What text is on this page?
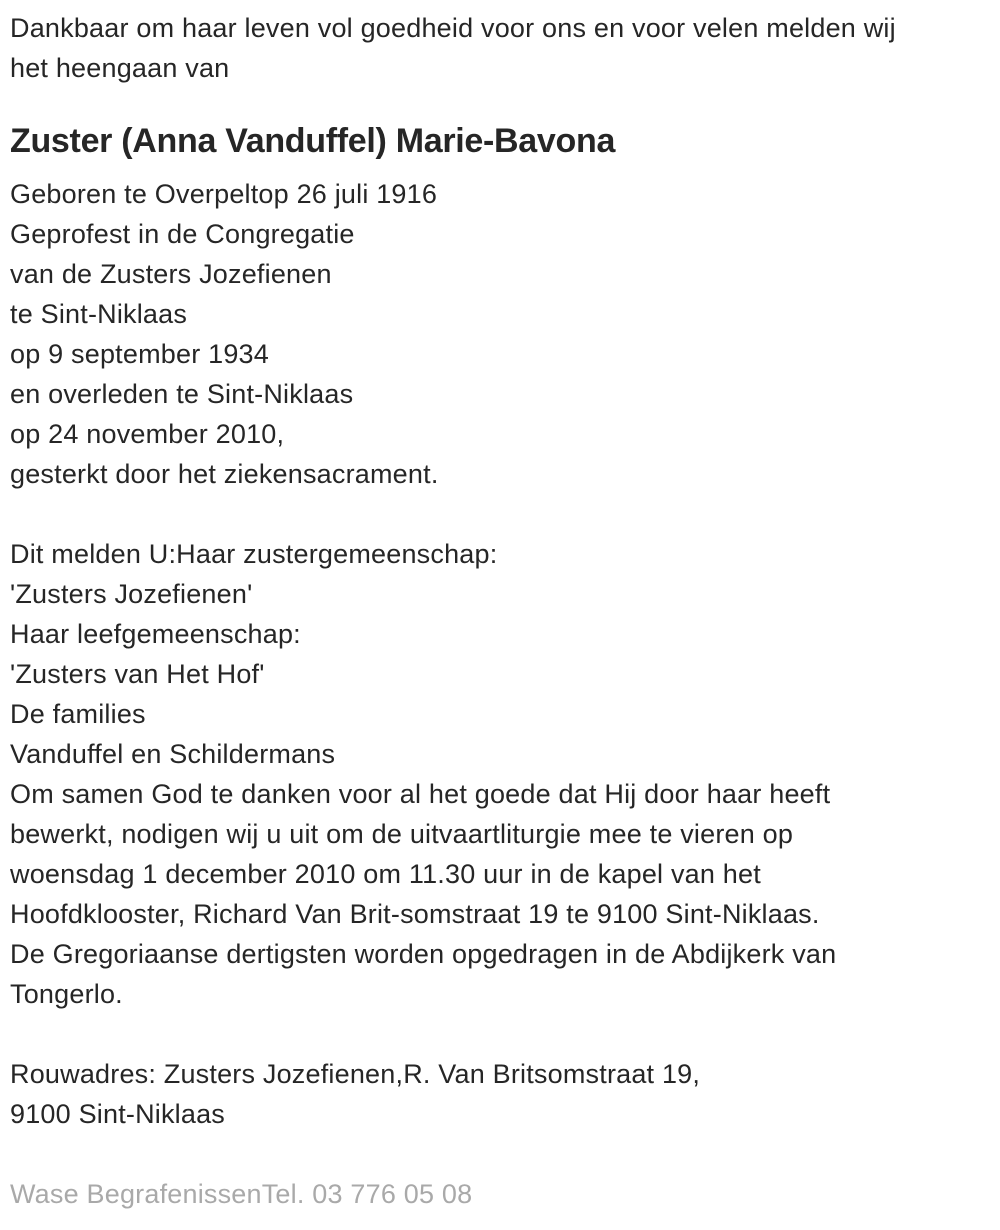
Dankbaar om haar leven vol goedheid voor ons en voor velen melden wij
het heengaan van
Zuster (Anna Vanduffel) Marie-Bavona
Geboren te Overpeltop 26 juli 1916
Geprofest in de Congregatie
van de Zusters Jozefienen
te Sint-Niklaas
op 9 september 1934
en overleden te Sint-Niklaas
op 24 november 2010,
gesterkt door het ziekensacrament.
Dit melden U:Haar zustergemeenschap:
'Zusters Jozefienen'
Haar leefgemeenschap:
'Zusters van Het Hof'
De families
Vanduffel en Schildermans
Om samen God te danken voor al het goede dat Hij door haar heeft
bewerkt, nodigen wij u uit om de uitvaartliturgie mee te vieren op
woensdag 1 december 2010 om 11.30 uur in de kapel van het
Hoofdklooster, Richard Van Brit-somstraat 19 te 9100 Sint-Niklaas.
De Gregoriaanse dertigsten worden opgedragen in de Abdijkerk van
Tongerlo.
Rouwadres: Zusters Jozefienen,R. Van Britsomstraat 19,
9100 Sint-Niklaas
Wase BegrafenissenTel. 03 776 05 08
